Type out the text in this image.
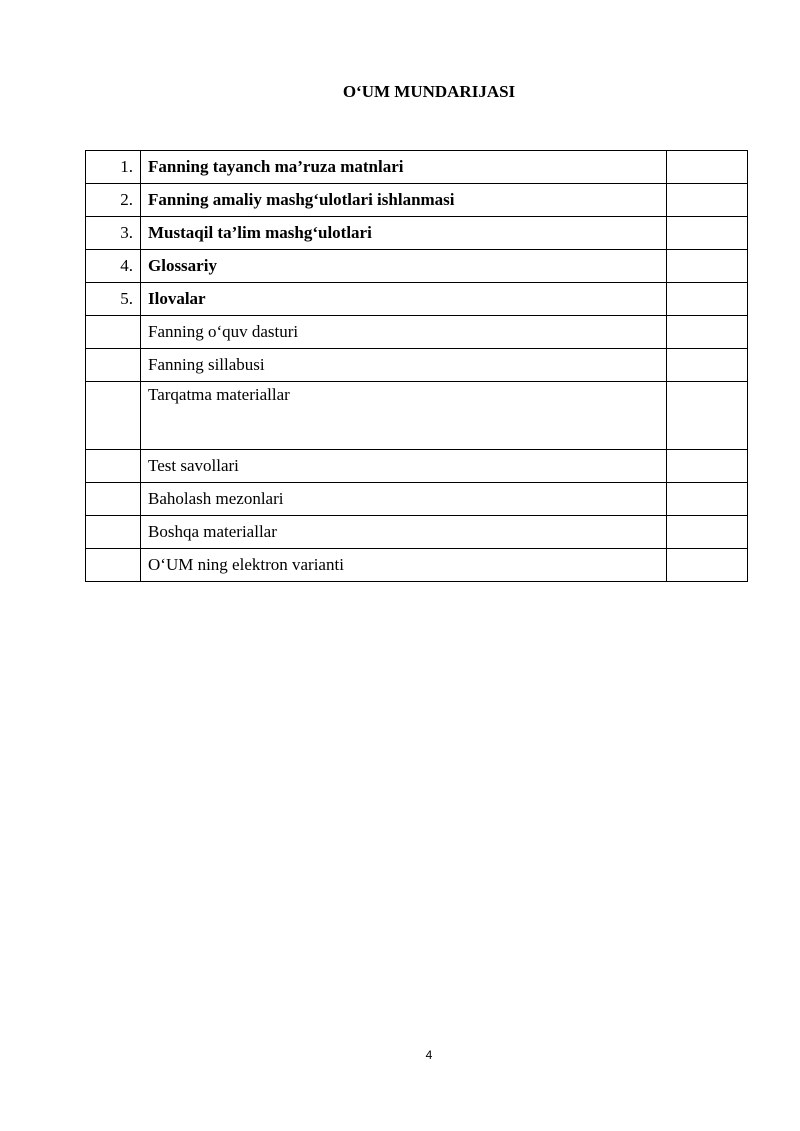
O‘UM MUNDARIJASI
1.	Fanning tayanch ma’ruza matnlari	
2.	Fanning amaliy mashg‘ulotlari ishlanmasi	
3.	Mustaqil ta’lim mashg‘ulotlari	
4.	Glossariy	
5.	Ilovalar	
	Fanning o‘quv dasturi	
	Fanning sillabusi	
	Tarqatma materiallar	
	Test savollari	
	Baholash mezonlari	
	Boshqa materiallar	
	O‘UM ning elektron varianti	
4
